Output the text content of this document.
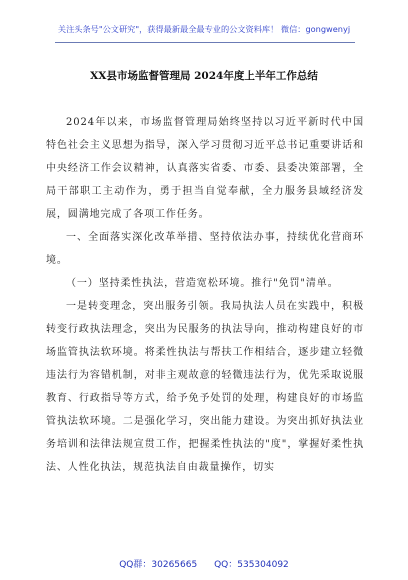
关注头条号"公文研究"，获得最新最全最专业的公文资料库！ 微信：gongwenyj
XX县市场监督管理局 2024年度上半年工作总结

2024年以来，市场监督管理局始终坚持以习近平新时代中国特色社会主义思想为指导，深入学习贯彻习近平总书记重要讲话和中央经济工作会议精神，认真落实省委、市委、县委决策部署，全局干部职工主动作为，勇于担当自觉奉献，全力服务县域经济发展，圆满地完成了各项工作任务。

一、全面落实深化改革举措、坚持依法办事，持续优化营商环境。

（一）坚持柔性执法，营造宽松环境。推行"免罚"清单。

一是转变理念，突出服务引领。我局执法人员在实践中，积极转变行政执法理念，突出为民服务的执法导向，推动构建良好的市场监管执法软环境。将柔性执法与帮扶工作相结合，逐步建立轻微违法行为容错机制，对非主观故意的轻微违法行为，优先采取说服教育、行政指导等方式，给予免予处罚的处理，构建良好的市场监管执法软环境。二是强化学习，突出能力建设。为突出抓好执法业务培训和法律法规宣贯工作，把握柔性执法的"度"，掌握好柔性执法、人性化执法，规范执法自由裁量操作，切实

QQ群：30265665 QQ：535304092
